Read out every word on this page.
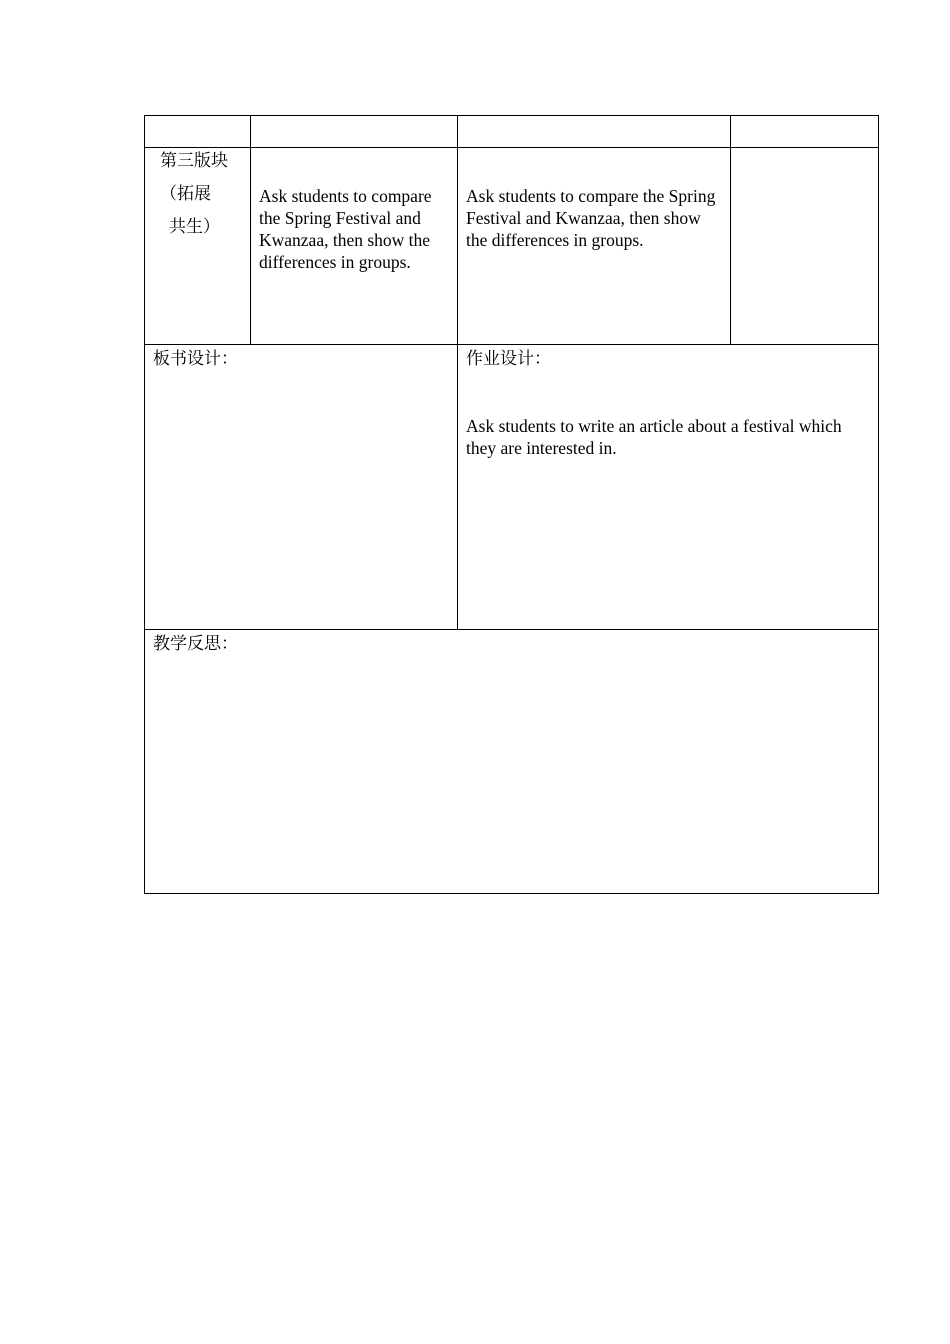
第三版块
（拓展
共生）
Ask students to compare the Spring Festival and Kwanzaa, then show the differences in groups.
Ask students to compare the Spring Festival and Kwanzaa, then show the differences in groups.
板书设计：	作业设计：
Ask students to write an article about a festival which they are interested in.
教学反思：
